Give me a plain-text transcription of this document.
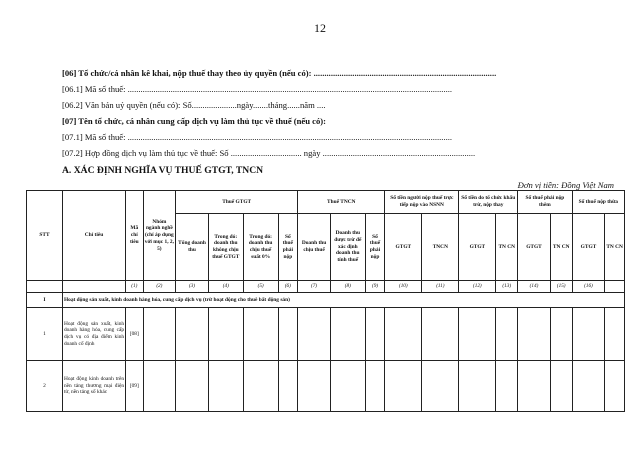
12
[06] Tổ chức/cá nhân kê khai, nộp thuế thay theo ủy quyền (nếu có): .....................................................................................
[06.1] Mã số thuế: .......................................................................................................................................................
[06.2] Văn bản uỷ quyền (nếu có): Số.....................ngày.......tháng......năm ....
[07] Tên tổ chức, cá nhân cung cấp dịch vụ làm thủ tục về thuế (nếu có):
[07.1] Mã số thuế: .......................................................................................................................................................
[07.2] Hợp đồng dịch vụ làm thủ tục về thuế: Số ................................. ngày .......................................................................
A. XÁC ĐỊNH NGHĨA VỤ THUẾ GTGT, TNCN
Đơn vị tiền: Đồng Việt Nam
STT	Chỉ tiêu	Mã chỉ tiêu	Nhóm ngành nghề (chỉ áp dụng với mục 1, 2, 5)	Thuế GTGT				Thuế TNCN			Số tiền người nộp thuế trực tiếp nộp vào NSNN		Số tiền do tổ chức khấu trừ, nộp thay		Số thuế phải nộp thêm		Số thuế nộp thừa	
				Tổng doanh thu	Trong đó: doanh thu không chịu thuế GTGT	Trong đó: doanh thu chịu thuế suất 0%	Số thuế phải nộp	Doanh thu chịu thuế	Doanh thu được trừ để xác định doanh thu tính thuế	Số thuế phải nộp	GTGT	TNCN	GTGT	TN CN	GTGT	TN CN	GTGT	TN CN
		(1)	(2)	(3)	(4)	(5)	(6)	(7)	(8)	(9)	(10)	(11)	(12)	(13)	(14)	(15)	(16)	
I	Hoạt động sản xuất, kinh doanh hàng hóa, cung cấp dịch vụ (trừ hoạt động cho thuê bất động sản)																	
1	Hoạt động sản xuất, kinh doanh hàng hóa, cung cấp dịch vụ có địa điểm kinh doanh cố định	[08]																
2	Hoạt động kinh doanh trên nền tảng thương mại điện tử, nền tảng số khác	[09]																
